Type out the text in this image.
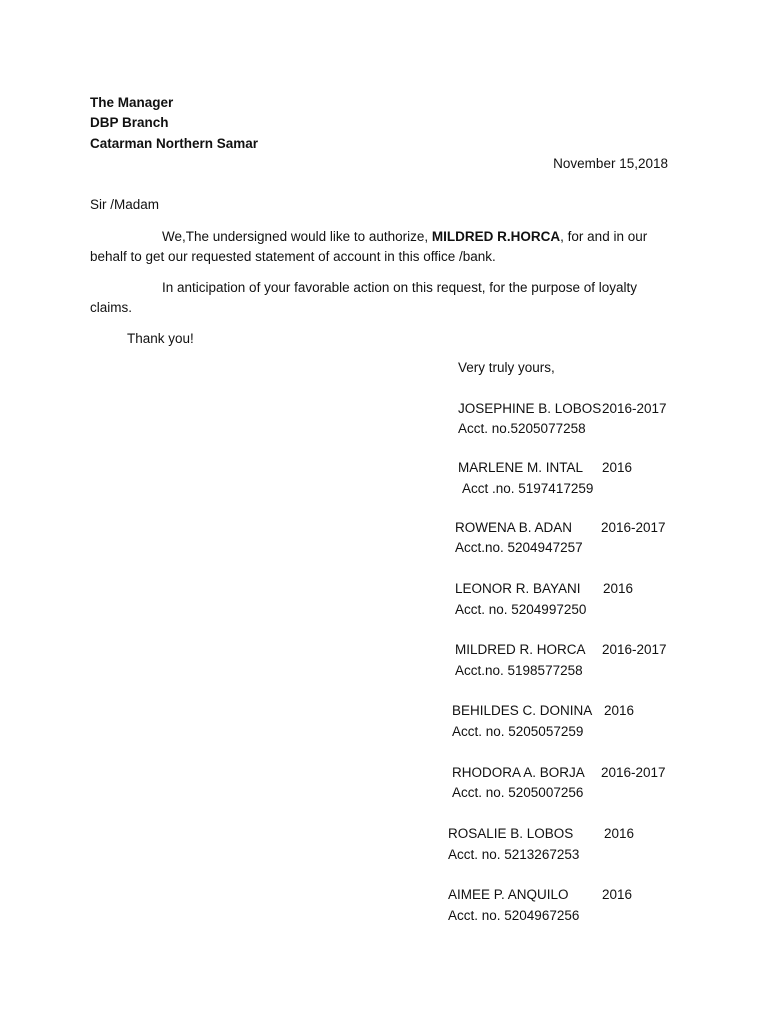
The Manager
DBP Branch
Catarman Northern Samar
November 15,2018
Sir /Madam
We,The undersigned would like to authorize, MILDRED R.HORCA, for and in our behalf to get our requested statement of account in this office /bank.
In anticipation of your favorable action on this request, for the purpose of loyalty claims.
Thank you!
Very truly yours,
JOSEPHINE B. LOBOS 2016-2017
Acct. no.5205077258
MARLENE M. INTAL 2016
Acct .no. 5197417259
ROWENA B. ADAN 2016-2017
Acct.no. 5204947257
LEONOR R. BAYANI 2016
Acct. no. 5204997250
MILDRED R. HORCA 2016-2017
Acct.no. 5198577258
BEHILDES C. DONINA 2016
Acct. no. 5205057259
RHODORA A. BORJA 2016-2017
Acct. no. 5205007256
ROSALIE B. LOBOS 2016
Acct. no. 5213267253
AIMEE P. ANQUILO 2016
Acct. no. 5204967256
